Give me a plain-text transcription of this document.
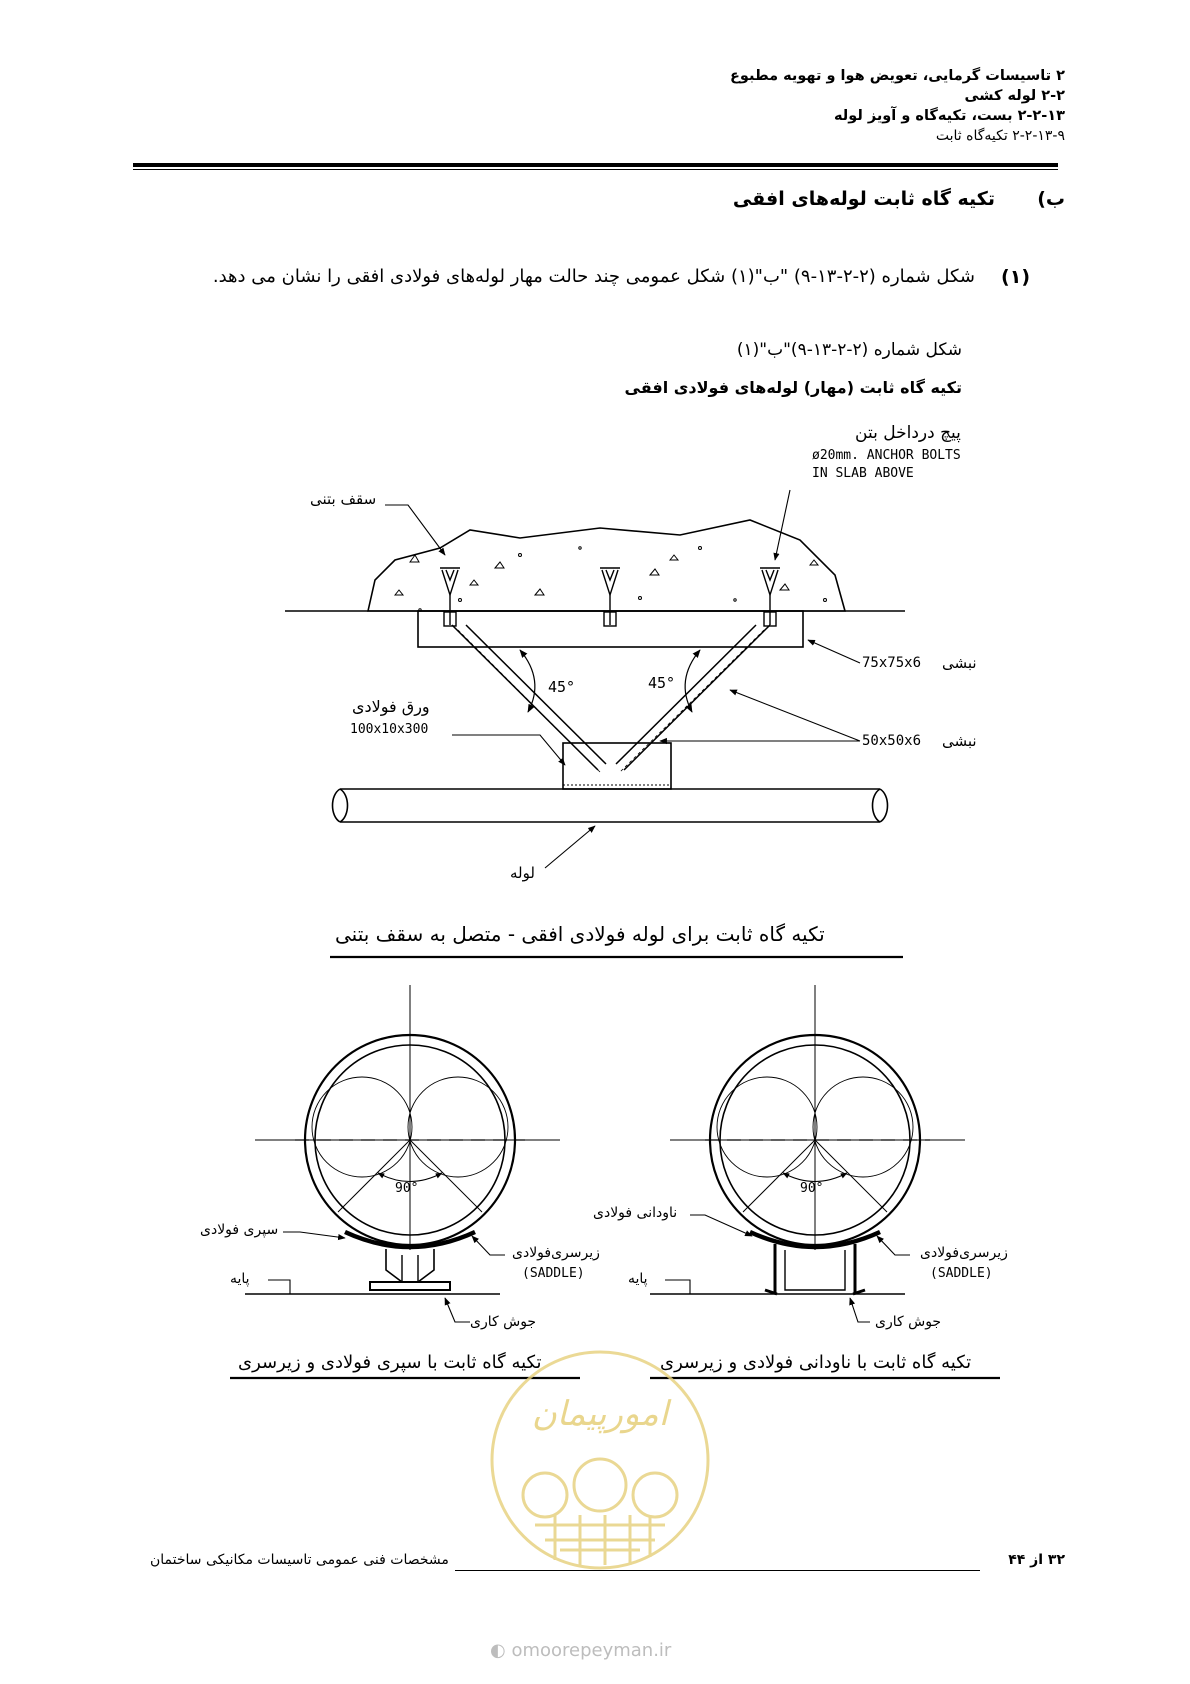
۲ تاسیسات گرمایی، تعویض هوا و تهویه مطبوع
۲-۲ لوله کشی
۲-۲-۱۳ بست، تکیه‌گاه و آویز لوله
۲-۲-۱۳-۹ تکیه‌گاه ثابت
ب)
تکیه گاه ثابت لوله‌های افقی
(۱)
شکل شماره (۲-۲-۱۳-۹) "ب"(۱) شکل عمومی چند حالت مهار لوله‌های فولادی افقی را نشان می دهد.
شکل شماره (۲-۲-۱۳-۹)"ب"(۱)
تکیه گاه ثابت (مهار) لوله‌های فولادی افقی
پیچ درداخل بتن
ø20mm. ANCHOR BOLTS
IN SLAB ABOVE
سقف بتنی
75x75x6 نبشی
50x50x6 نبشی
ورق فولادی
100x10x300
45°	45°
لوله
تکیه گاه ثابت برای لوله فولادی افقی - متصل به سقف بتنی
90°
سپری فولادی
زیرسری‌فولادی
(SADDLE)
پایه
جوش کاری
تکیه گاه ثابت با سپری فولادی و زیرسری
90°
ناودانی فولادی
زیرسری‌فولادی
(SADDLE)
پایه
جوش کاری
تکیه گاه ثابت با ناودانی فولادی و زیرسری
امورپیمان
◐ omoorepeyman.ir
مشخصات فنی عمومی تاسیسات مکانیکی ساختمان	۳۲ از ۴۴
